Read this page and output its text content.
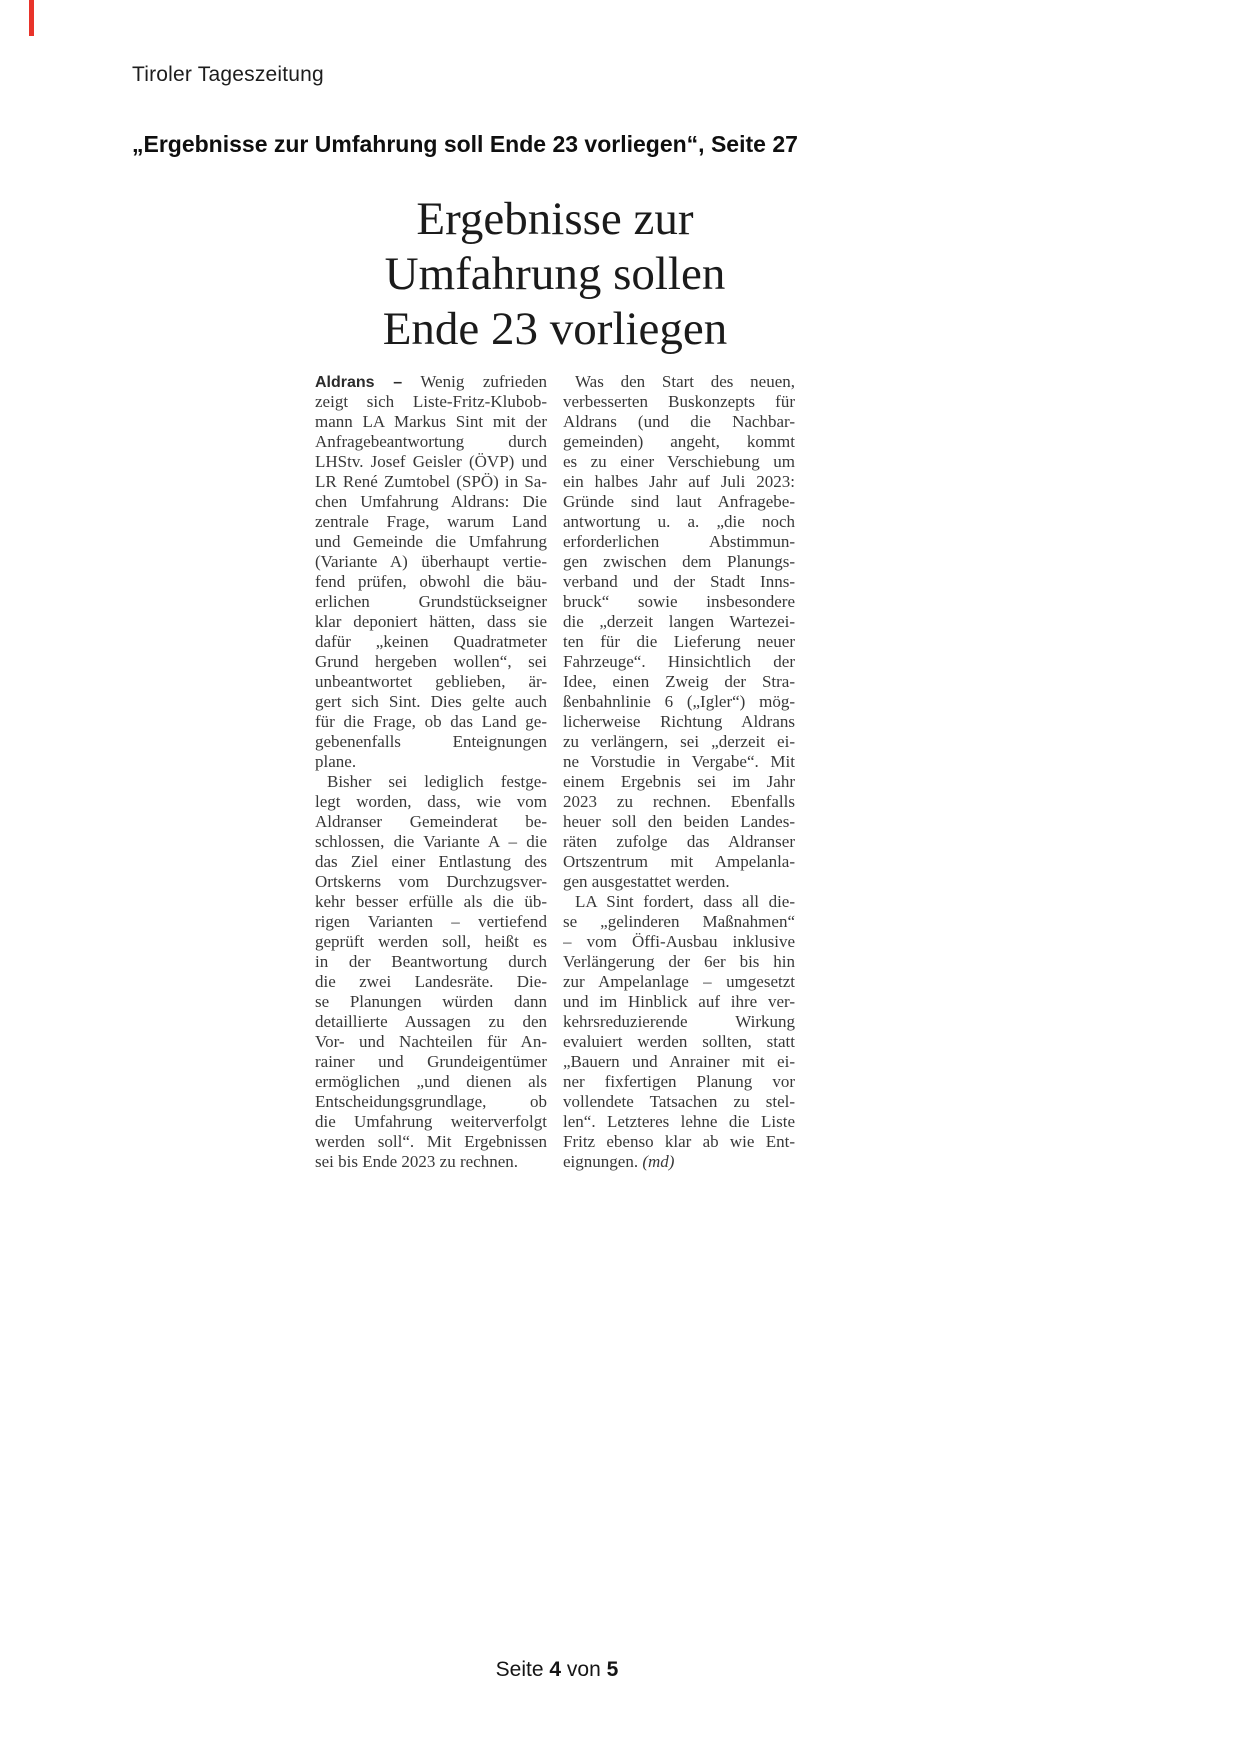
Tiroler Tageszeitung
„Ergebnisse zur Umfahrung soll Ende 23 vorliegen“, Seite 27
Ergebnisse zur
Umfahrung sollen
Ende 23 vorliegen
Aldrans – Wenig zufrieden
zeigt sich Liste-Fritz-Klubob-
mann LA Markus Sint mit der
Anfragebeantwortung durch
LHStv. Josef Geisler (ÖVP) und
LR René Zumtobel (SPÖ) in Sa-
chen Umfahrung Aldrans: Die
zentrale Frage, warum Land
und Gemeinde die Umfahrung
(Variante A) überhaupt vertie-
fend prüfen, obwohl die bäu-
erlichen Grundstückseigner
klar deponiert hätten, dass sie
dafür „keinen Quadratmeter
Grund hergeben wollen“, sei
unbeantwortet geblieben, är-
gert sich Sint. Dies gelte auch
für die Frage, ob das Land ge-
gebenenfalls Enteignungen
plane.
Bisher sei lediglich festge-
legt worden, dass, wie vom
Aldranser Gemeinderat be-
schlossen, die Variante A – die
das Ziel einer Entlastung des
Ortskerns vom Durchzugsver-
kehr besser erfülle als die üb-
rigen Varianten – vertiefend
geprüft werden soll, heißt es
in der Beantwortung durch
die zwei Landesräte. Die-
se Planungen würden dann
detaillierte Aussagen zu den
Vor- und Nachteilen für An-
rainer und Grundeigentümer
ermöglichen „und dienen als
Entscheidungsgrundlage, ob
die Umfahrung weiterverfolgt
werden soll“. Mit Ergebnissen
sei bis Ende 2023 zu rechnen.
Was den Start des neuen,
verbesserten Buskonzepts für
Aldrans (und die Nachbar-
gemeinden) angeht, kommt
es zu einer Verschiebung um
ein halbes Jahr auf Juli 2023:
Gründe sind laut Anfragebe-
antwortung u. a. „die noch
erforderlichen Abstimmun-
gen zwischen dem Planungs-
verband und der Stadt Inns-
bruck“ sowie insbesondere
die „derzeit langen Wartezei-
ten für die Lieferung neuer
Fahrzeuge“. Hinsichtlich der
Idee, einen Zweig der Stra-
ßenbahnlinie 6 („Igler“) mög-
licherweise Richtung Aldrans
zu verlängern, sei „derzeit ei-
ne Vorstudie in Vergabe“. Mit
einem Ergebnis sei im Jahr
2023 zu rechnen. Ebenfalls
heuer soll den beiden Landes-
räten zufolge das Aldranser
Ortszentrum mit Ampelanla-
gen ausgestattet werden.
LA Sint fordert, dass all die-
se „gelinderen Maßnahmen“
– vom Öffi-Ausbau inklusive
Verlängerung der 6er bis hin
zur Ampelanlage – umgesetzt
und im Hinblick auf ihre ver-
kehrsreduzierende Wirkung
evaluiert werden sollten, statt
„Bauern und Anrainer mit ei-
ner fixfertigen Planung vor
vollendete Tatsachen zu stel-
len“. Letzteres lehne die Liste
Fritz ebenso klar ab wie Ent-
eignungen. (md)
Seite 4 von 5
